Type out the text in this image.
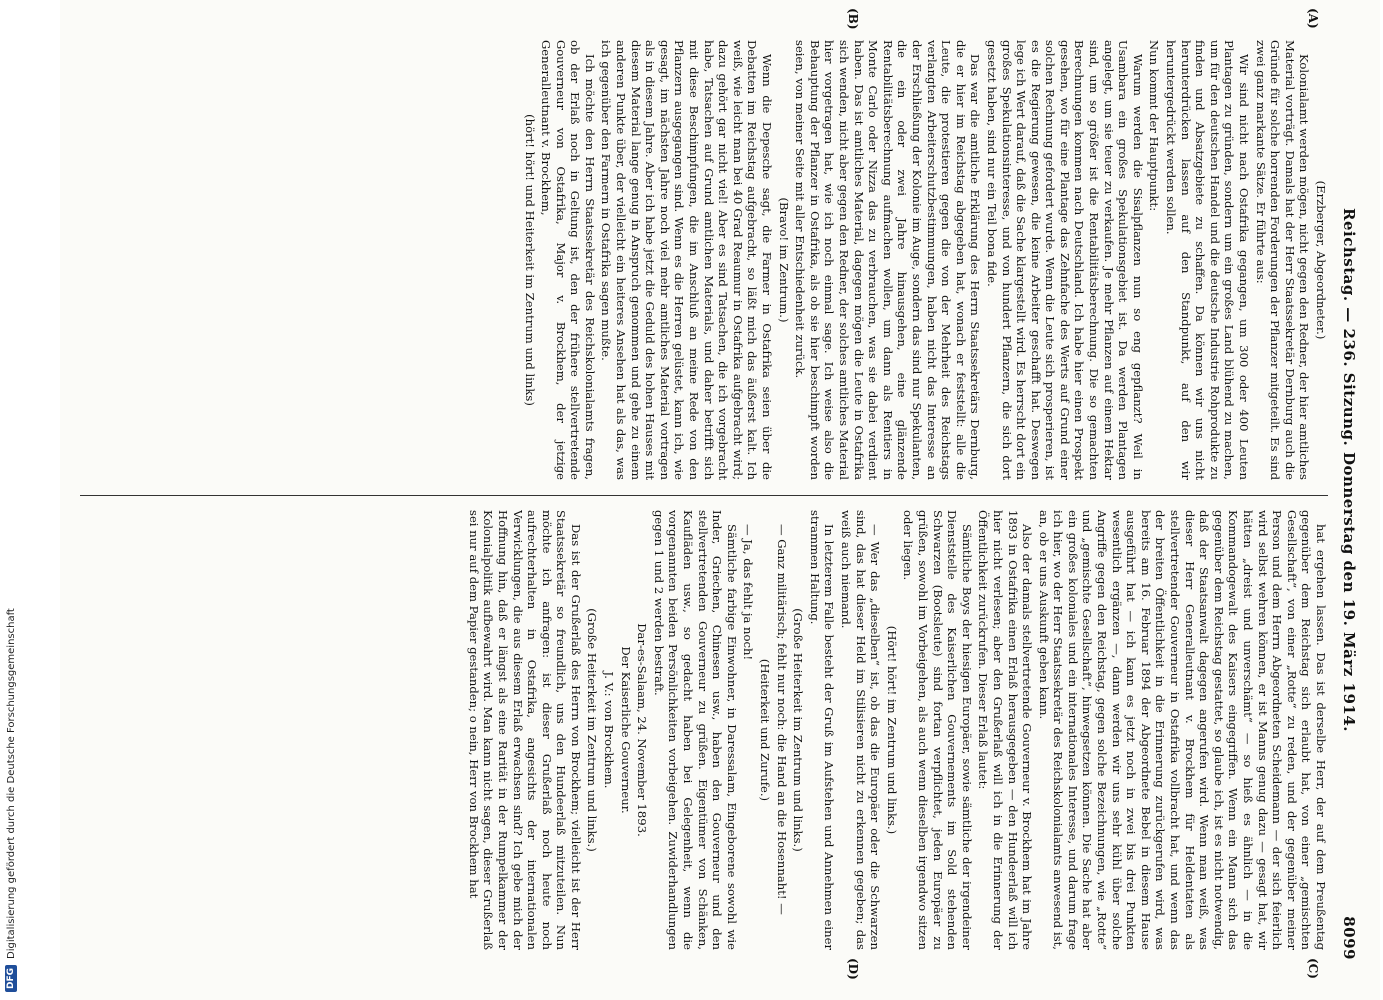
DFG
Digitalisierung gefördert durch die Deutsche Forschungsgemeinschaft
Reichstag. — 236. Sitzung. Donnerstag den 19. März 1914.
8099
(A)
(B)
(C)
(D)

(Erzberger, Abgeordneter.)

Kolonialamt werden mögen, nicht gegen den Redner, der hier amtliches Material vorträgt. Damals hat der Herr Staatssekretär Dernburg auch die Gründe für solche horrenden Forderungen der Pflanzer mitgeteilt. Es sind zwei ganz markante Sätze. Er führte aus:

Wir sind nicht nach Ostafrika gegangen, um 300 oder 400 Leuten Plantagen zu gründen, sondern um ein großes Land blühend zu machen, um für den deutschen Handel und die deutsche Industrie Rohprodukte zu finden und Absatzgebiete zu schaffen. Da können wir uns nicht herunterdrücken lassen auf den Standpunkt, auf den wir heruntergedrückt werden sollen.

Nun kommt der Hauptpunkt:

Warum werden die Sisalpflanzen nun so eng gepflanzt? Weil in Usambara ein großes Spekulationsgebiet ist. Da werden Plantagen angelegt, um sie teuer zu verkaufen. Je mehr Pflanzen auf einem Hektar sind, um so größer ist die Rentabilitätsberechnung. Die so gemachten Berechnungen kommen nach Deutschland. Ich habe hier einen Prospekt gesehen, wo für eine Plantage das Zehnfache des Werts auf Grund einer solchen Rechnung gefordert wurde. Wenn die Leute sich prosperieren, ist es die Regierung gewesen, die keine Arbeiter geschafft hat. Deswegen lege ich Wert darauf, daß die Sache klargestellt wird. Es herrscht dort ein großes Spekulationsinteresse, und von hundert Pflanzern, die sich dort gesetzt haben, sind nur ein Teil bona fide.

Das war die amtliche Erklärung des Herrn Staatssekretärs Dernburg, die er hier im Reichstag abgegeben hat, wonach er feststellt: alle die Leute, die protestieren gegen die von der Mehrheit des Reichstags verlangten Arbeiterschutzbestimmungen, haben nicht das Interesse an der Erschließung der Kolonie im Auge, sondern das sind nur Spekulanten, die ein oder zwei Jahre hinausgehen, eine glänzende Rentabilitätsberechnung aufmachen wollen, um dann als Rentiers in Monte Carlo oder Nizza das zu verbrauchen, was sie dabei verdient haben. Das ist amtliches Material, dagegen mögen die Leute in Ostafrika sich wenden, nicht aber gegen den Redner, der solches amtliches Material hier vorgetragen hat, wie ich noch einmal sage. Ich weise also die Behauptung der Pflanzer in Ostafrika, als ob sie hier beschimpft worden seien, von meiner Seite mit aller Entschiedenheit zurück.

(Bravo! im Zentrum.)

Wenn die Depesche sagt, die Farmer in Ostafrika seien über die Debatten im Reichstag aufgebracht, so läßt mich das äußerst kalt. Ich weiß, wie leicht man bei 40 Grad Reaumur in Ostafrika aufgebracht wird; dazu gehört gar nicht viel! Aber es sind Tatsachen, die ich vorgebracht habe, Tatsachen auf Grund amtlichen Materials, und daher betrifft sich mit diese Beschimpfungen, die im Anschluß an meine Rede von den Pflanzern ausgegangen sind. Wenn es die Herren gelüstet, kann ich, wie gesagt, im nächsten Jahre noch viel mehr amtliches Material vortragen als in diesem Jahre. Aber ich habe jetzt die Geduld des hohen Hauses mit diesem Material lange genug in Anspruch genommen und gehe zu einem anderen Punkte über, der vielleicht ein heiteres Ansehen hat als das, was ich gegenüber den Farmern in Ostafrika sagen mußte.

Ich möchte den Herrn Staatssekretär des Reichskolonialamts fragen, ob der Erlaß noch in Geltung ist, den der frühere stellvertretende Gouverneur von Ostafrika, Major v. Brockhem, der jetzige Generalleutnant v. Brockhem,

(hört! hört! und Heiterkeit im Zentrum und links)

hat ergehen lassen. Das ist derselbe Herr, der auf dem Preußentag gegenüber dem Reichstag sich erlaubt hat, von einer „gemischten Gesellschaft“, von einer „Rotte“ zu reden, und der gegenüber meiner Person und dem Herrn Abgeordneten Scheidemann — der sich feierlich wird selbst wehren können, er ist Manns genug dazu — gesagt hat, wir hätten „dreist und unverschämt“ — so hieß es ähnlich — in die Kommandogewalt des Kaisers eingegriffen. Wenn ein Mann sich das gegenüber dem Reichstag gestattet, so glaube ich, ist es nicht notwendig, daß der Staatsanwalt dagegen angerufen wird. Wenn man weiß, was dieser Herr Generalleutnant v. Brockhem für Heldentaten als stellvertretender Gouverneur in Ostafrika vollbracht hat, und wenn das der breiten Öffentlichkeit in die Erinnerung zurückgerufen wird, was bereits am 16. Februar 1894 der Abgeordnete Bebel in diesem Hause ausgeführt hat — ich kann es jetzt noch in zwei bis drei Punkten wesentlich ergänzen —, dann werden wir uns sehr kühl über solche Angriffe gegen den Reichstag, gegen solche Bezeichnungen, wie „Rotte“ und „gemischte Gesellschaft“, hinwegsetzen können. Die Sache hat aber ein großes koloniales und ein internationales Interesse, und darum frage ich hier, wo der Herr Staatssekretär des Reichskolonialamts anwesend ist, an, ob er uns Auskunft geben kann.

Also der damals stellvertretende Gouverneur v. Brockhem hat im Jahre 1893 in Ostafrika einen Erlaß herausgegeben — den Hundeerlaß will ich hier nicht verlesen; aber den Grußerlaß will ich in die Erinnerung der Öffentlichkeit zurückrufen. Dieser Erlaß lautet:

Sämtliche Boys der hiesigen Europäer, sowie sämtliche der irgendeiner Dienststelle des Kaiserlichen Gouvernements im Sold stehenden Schwarzen (Bootsleute) sind fortan verpflichtet, jeden Europäer zu grüßen, sowohl im Vorbeigehen, als auch wenn dieselben irgendwo sitzen oder liegen.

(Hört! hört! im Zentrum und links.)

— Wer das „dieselben“ ist, ob das die Europäer oder die Schwarzen sind, das hat dieser Held im Stilisieren nicht zu erkennen gegeben; das weiß auch niemand.

In letzterem Falle besteht der Gruß im Aufstehen und Annehmen einer strammen Haltung.

(Große Heiterkeit im Zentrum und links.)

— Ganz militärisch; fehlt nur noch: die Hand an die Hosennaht! —

(Heiterkeit und Zurufe.)

— Ja, das fehlt ja noch!

Sämtliche farbige Einwohner, in Daressalam, Eingeborene sowohl wie Inder, Griechen, Chinesen usw., haben den Gouverneur und den stellvertretenden Gouverneur zu grüßen. Eigentümer von Schänken, Kaufläden usw., so gedacht haben bei Gelegenheit, wenn die vorgenannten beiden Persönlichkeiten vorbeigehen. Zuwiderhandlungen gegen 1 und 2 werden bestraft.

Dar-es-Salaam, 24. November 1893.

Der Kaiserliche Gouverneur.

J. V.: von Brockhem.

(Große Heiterkeit im Zentrum und links.)

Das ist der Grußerlaß des Herrn von Brockhem; vielleicht ist der Herr Staatssekretär so freundlich, uns den Hundeerlaß mitzuteilen. Nun möchte ich anfragen: ist dieser Grußerlaß noch heute noch aufrechterhalten in Ostafrika, angesichts der internationalen Verwicklungen, die aus diesem Erlaß erwachsen sind? Ich gebe mich der Hoffnung hin, daß er längst als eine Rarität in der Rumpelkammer der Kolonialpolitik aufbewahrt wird. Man kann nicht sagen, dieser Grußerlaß sei nur auf dem Papier gestanden; o nein, Herr von Brockhem hat
